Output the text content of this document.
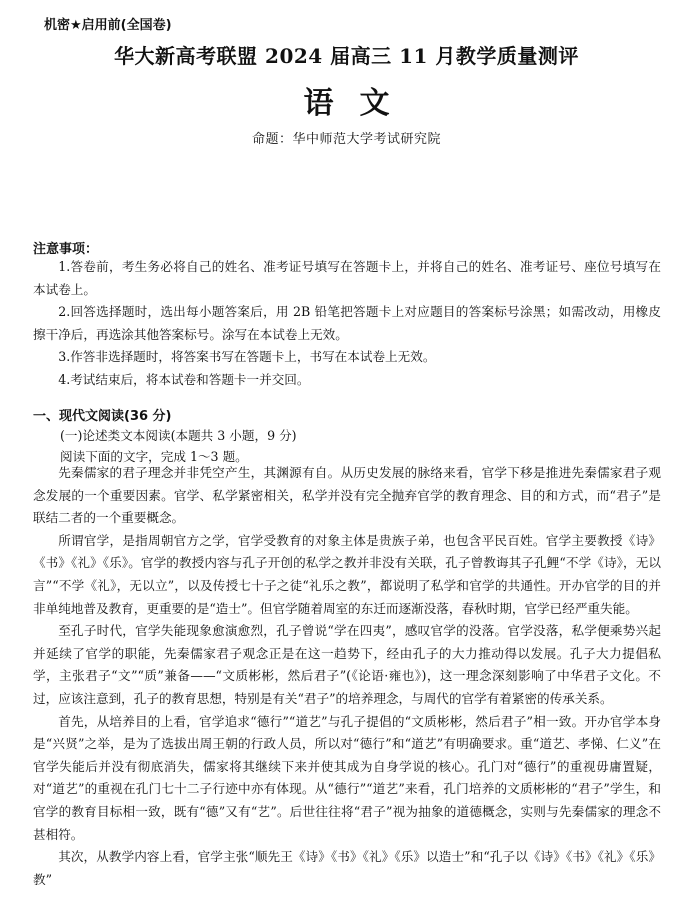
机密★启用前(全国卷)
华大新高考联盟 2024 届高三 11 月教学质量测评
语文
命题：华中师范大学考试研究院
注意事项：

1.答卷前，考生务必将自己的姓名、准考证号填写在答题卡上，并将自己的姓名、准考证号、座位号填写在本试卷上。

2.回答选择题时，选出每小题答案后，用 2B 铅笔把答题卡上对应题目的答案标号涂黑；如需改动，用橡皮擦干净后，再选涂其他答案标号。涂写在本试卷上无效。

3.作答非选择题时，将答案书写在答题卡上，书写在本试卷上无效。

4.考试结束后，将本试卷和答题卡一并交回。

一、现代文阅读(36 分)
(一)论述类文本阅读(本题共 3 小题，9 分)
阅读下面的文字，完成 1～3 题。

先秦儒家的君子理念并非凭空产生，其渊源有自。从历史发展的脉络来看，官学下移是推进先秦儒家君子观念发展的一个重要因素。官学、私学紧密相关，私学并没有完全抛弃官学的教育理念、目的和方式，而“君子”是联结二者的一个重要概念。

所谓官学，是指周朝官方之学，官学受教育的对象主体是贵族子弟，也包含平民百姓。官学主要教授《诗》《书》《礼》《乐》。官学的教授内容与孔子开创的私学之教并非没有关联，孔子曾教诲其子孔鲤“不学《诗》，无以言”“不学《礼》，无以立”，以及传授七十子之徒“礼乐之教”，都说明了私学和官学的共通性。开办官学的目的并非单纯地普及教育，更重要的是“造士”。但官学随着周室的东迁而逐渐没落，春秋时期，官学已经严重失能。

至孔子时代，官学失能现象愈演愈烈，孔子曾说“学在四夷”，感叹官学的没落。官学没落，私学便乘势兴起并延续了官学的职能，先秦儒家君子观念正是在这一趋势下，经由孔子的大力推动得以发展。孔子大力提倡私学，主张君子“文”“质”兼备——“文质彬彬，然后君子”(《论语·雍也》)，这一理念深刻影响了中华君子文化。不过，应该注意到，孔子的教育思想，特别是有关“君子”的培养理念，与周代的官学有着紧密的传承关系。

首先，从培养目的上看，官学追求“德行”“道艺”与孔子提倡的“文质彬彬，然后君子”相一致。开办官学本身是“兴贤”之举，是为了选拔出周王朝的行政人员，所以对“德行”和“道艺”有明确要求。重“道艺、孝悌、仁义”在官学失能后并没有彻底消失，儒家将其继续下来并使其成为自身学说的核心。孔门对“德行”的重视毋庸置疑，对“道艺”的重视在孔门七十二子行迹中亦有体现。从“德行”“道艺”来看，孔门培养的文质彬彬的“君子”学生，和官学的教育目标相一致，既有“德”又有“艺”。后世往往将“君子”视为抽象的道德概念，实则与先秦儒家的理念不甚相符。

其次，从教学内容上看，官学主张“顺先王《诗》《书》《礼》《乐》以造士”和“孔子以《诗》《书》《礼》《乐》教”
